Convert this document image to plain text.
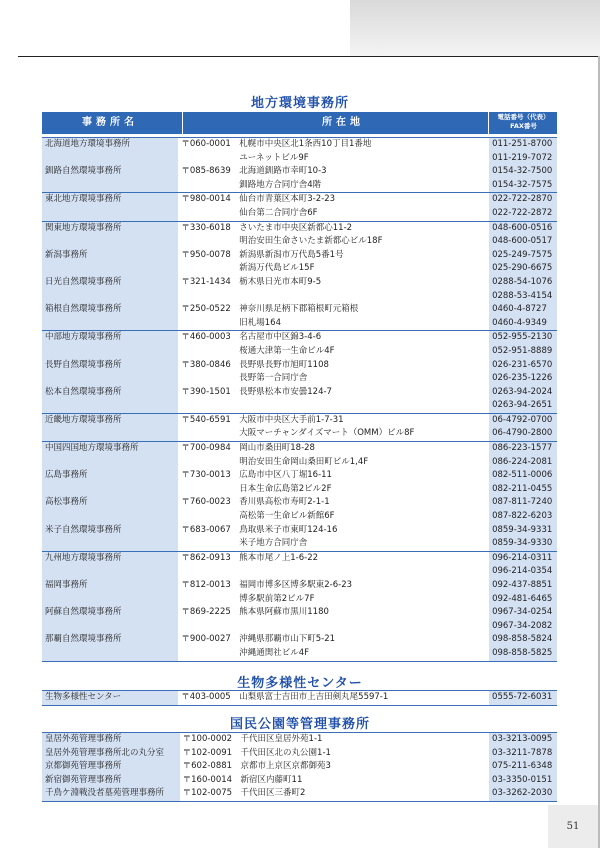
地方環境事務所
事務所名	所在地	電話番号（代表）
FAX番号
北海道地方環境事務所	〒060-0001	札幌市中央区北1条西10丁目1番地	011-251-8700
		ユーネットビル9F	011-219-7072
釧路自然環境事務所	〒085-8639	北海道釧路市幸町10-3	0154-32-7500
		釧路地方合同庁舎4階	0154-32-7575
東北地方環境事務所	〒980-0014	仙台市青葉区本町3-2-23	022-722-2870
		仙台第二合同庁舎6F	022-722-2872
関東地方環境事務所	〒330-6018	さいたま市中央区新都心11-2	048-600-0516
		明治安田生命さいたま新都心ビル18F	048-600-0517
新潟事務所	〒950-0078	新潟県新潟市万代島5番1号	025-249-7575
		新潟万代島ビル15F	025-290-6675
日光自然環境事務所	〒321-1434	栃木県日光市本町9-5	0288-54-1076
			0288-53-4154
箱根自然環境事務所	〒250-0522	神奈川県足柄下郡箱根町元箱根	0460-4-8727
		旧札場164	0460-4-9349
中部地方環境事務所	〒460-0003	名古屋市中区錦3-4-6	052-955-2130
		桜通大津第一生命ビル4F	052-951-8889
長野自然環境事務所	〒380-0846	長野県長野市旭町1108	026-231-6570
		長野第一合同庁舎	026-235-1226
松本自然環境事務所	〒390-1501	長野県松本市安曇124-7	0263-94-2024
			0263-94-2651
近畿地方環境事務所	〒540-6591	大阪市中央区大手前1-7-31	06-4792-0700
		大阪マーチャンダイズマート（OMM）ビル8F	06-4790-2800
中国四国地方環境事務所	〒700-0984	岡山市桑田町18-28	086-223-1577
		明治安田生命岡山桑田町ビル1,4F	086-224-2081
広島事務所	〒730-0013	広島市中区八丁堀16-11	082-511-0006
		日本生命広島第2ビル2F	082-211-0455
高松事務所	〒760-0023	香川県高松市寿町2-1-1	087-811-7240
		高松第一生命ビル新館6F	087-822-6203
米子自然環境事務所	〒683-0067	鳥取県米子市東町124-16	0859-34-9331
		米子地方合同庁舎	0859-34-9330
九州地方環境事務所	〒862-0913	熊本市尾ノ上1-6-22	096-214-0311
			096-214-0354
福岡事務所	〒812-0013	福岡市博多区博多駅東2-6-23	092-437-8851
		博多駅前第2ビル7F	092-481-6465
阿蘇自然環境事務所	〒869-2225	熊本県阿蘇市黒川1180	0967-34-0254
			0967-34-2082
那覇自然環境事務所	〒900-0027	沖縄県那覇市山下町5-21	098-858-5824
		沖縄通関社ビル4F	098-858-5825
生物多様性センター
生物多様性センター	〒403-0005	山梨県富士吉田市上吉田剣丸尾5597-1	0555-72-6031
国民公園等管理事務所
皇居外苑管理事務所	〒100-0002	千代田区皇居外苑1-1	03-3213-0095
皇居外苑管理事務所北の丸分室	〒102-0091	千代田区北の丸公園1-1	03-3211-7878
京都御苑管理事務所	〒602-0881	京都市上京区京都御苑3	075-211-6348
新宿御苑管理事務所	〒160-0014	新宿区内藤町11	03-3350-0151
千鳥ケ淵戦没者墓苑管理事務所	〒102-0075	千代田区三番町2	03-3262-2030
51
